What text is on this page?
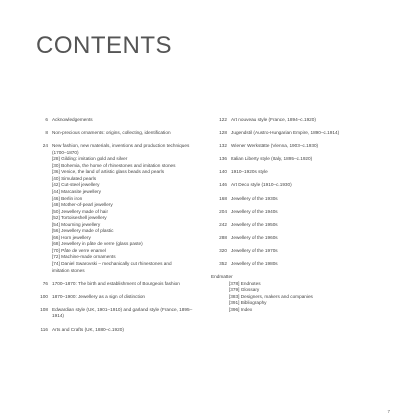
CONTENTS
6 Acknowledgements
8 Non-precious ornaments: origins, collecting, identification
24 New fashion, new materials, inventions and production techniques (1700–1870)
[28] Gilding: imitation gold and silver
[30] Bohemia, the home of rhinestones and imitation stones
[36] Venice, the land of artistic glass beads and pearls
[40] Simulated pearls
[42] Cut-steel jewellery
[44] Marcasite jewellery
[46] Berlin iron
[48] Mother-of-pearl jewellery
[50] Jewellery made of hair
[52] Tortoiseshell jewellery
[54] Mourning jewellery
[56] Jewellery made of plastic
[66] Horn jewellery
[68] Jewellery in pâte de verre (glass paste)
[70] Pâte de verre enamel
[72] Machine-made ornaments
[74] Daniel Swarovski – mechanically cut rhinestones and
imitation stones
76 1700–1870: The birth and establishment of Bourgeois fashion
100 1870–1900: Jewellery as a sign of distinction
108 Edwardian style (UK, 1901–1910) and garland style (France, 1895–1914)
116 Arts and Crafts (UK, 1880–c.1920)
122 Art nouveau style (France, 1894–c.1920)
128 Jugendstil (Austro-Hungarian Empire, 1890–c.1914)
132 Wiener Werkstätte (Vienna, 1903–c.1930)
136 Italian Liberty style (Italy, 1895–c.1920)
140 1910–1920s style
146 Art Deco style (1910–c.1930)
168 Jewellery of the 1930s
204 Jewellery of the 1940s
242 Jewellery of the 1950s
288 Jewellery of the 1960s
320 Jewellery of the 1970s
352 Jewellery of the 1980s
Endmatter
[378] Endnotes
[379] Glossary
[383] Designers, makers and companies
[391] Bibliography
[396] Index
7
